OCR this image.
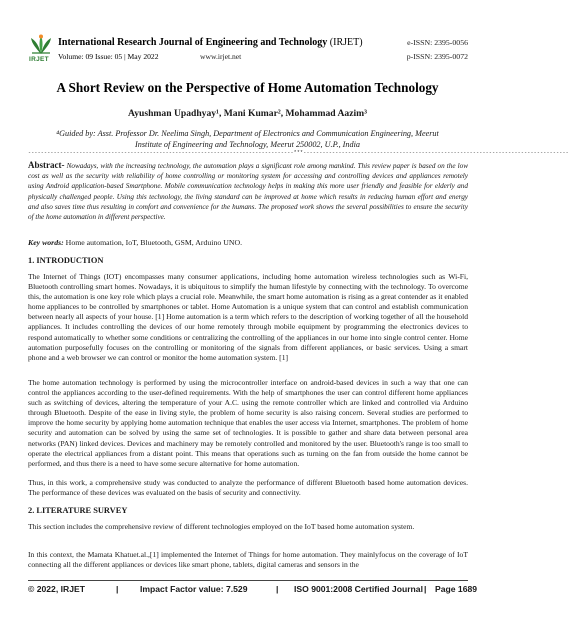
IRJET
International Research Journal of Engineering and Technology (IRJET)
Volume: 09 Issue: 05 | May 2022	www.irjet.net
e-ISSN: 2395-0056
p-ISSN: 2395-0072
A Short Review on the Perspective of Home Automation Technology
Ayushman Upadhyay¹, Mani Kumar², Mohammad Aazim³
⁴Guided by: Asst. Professor Dr. Neelima Singh, Department of Electronics and Communication Engineering, Meerut
Institute of Engineering and Technology, Meerut 250002, U.P., India
-----------------------------------------------------------------------------------***-----------------------------------------------------------------------------------
Abstract- Nowadays, with the increasing technology, the automation plays a significant role among mankind. This review paper is based on the low cost as well as the security with reliability of home controlling or monitoring system for accessing and controlling devices and appliances remotely using Android application-based Smartphone. Mobile communication technology helps in making this more user friendly and feasible for elderly and physically challenged people. Using this technology, the living standard can be improved at home which results in reducing human effort and energy and also saves time thus resulting in comfort and convenience for the humans. The proposed work shows the several possibilities to ensure the security of the home automation in different perspective.
Key words: Home automation, IoT, Bluetooth, GSM, Arduino UNO.
1. INTRODUCTION
The Internet of Things (IOT) encompasses many consumer applications, including home automation wireless technologies such as Wi-Fi, Bluetooth controlling smart homes. Nowadays, it is ubiquitous to simplify the human lifestyle by connecting with the technology. To overcome this, the automation is one key role which plays a crucial role. Meanwhile, the smart home automation is rising as a great contender as it enabled home appliances to be controlled by smartphones or tablet. Home Automation is a unique system that can control and establish communication between nearly all aspects of your house. [1] Home automation is a term which refers to the description of working together of all the household appliances. It includes controlling the devices of our home remotely through mobile equipment by programming the electronics devices to respond automatically to whether some conditions or centralizing the controlling of the appliances in our home into single control center. Home automation purposefully focuses on the controlling or monitoring of the signals from different appliances, or basic services. Using a smart phone and a web browser we can control or monitor the home automation system. [1]
The home automation technology is performed by using the microcontroller interface on android-based devices in such a way that one can control the appliances according to the user-defined requirements. With the help of smartphones the user can control different home appliances such as switching of devices, altering the temperature of your A.C. using the remote controller which are linked and controlled via Arduino through Bluetooth. Despite of the ease in living style, the problem of home security is also raising concern. Several studies are performed to improve the home security by applying home automation technique that enables the user access via Internet, smartphones. The problem of home security and automation can be solved by using the same set of technologies. It is possible to gather and share data between personal area networks (PAN) linked devices. Devices and machinery may be remotely controlled and monitored by the user. Bluetooth's range is too small to operate the electrical appliances from a distant point. This means that operations such as turning on the fan from outside the home cannot be performed, and thus there is a need to have some secure alternative for home automation.
Thus, in this work, a comprehensive study was conducted to analyze the performance of different Bluetooth based home automation devices. The performance of these devices was evaluated on the basis of security and connectivity.
2. LITERATURE SURVEY
This section includes the comprehensive review of different technologies employed on the IoT based home automation system.
In this context, the Mamata Khatuet.al.,[1] implemented the Internet of Things for home automation. They mainlyfocus on the coverage of IoT connecting all the different appliances or devices like smart phone, tablets, digital cameras and sensors in the
© 2022, IRJET	|	Impact Factor value: 7.529	| ISO 9001:2008 Certified Journal | Page 1689
